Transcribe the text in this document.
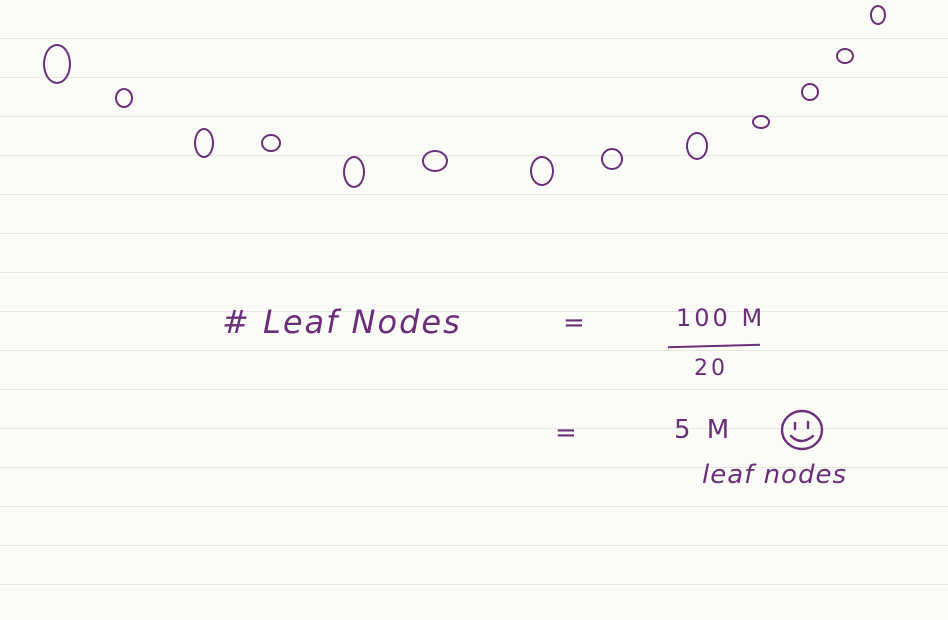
# Leaf Nodes	=	100 M
20
=	5 M
leaf nodes
